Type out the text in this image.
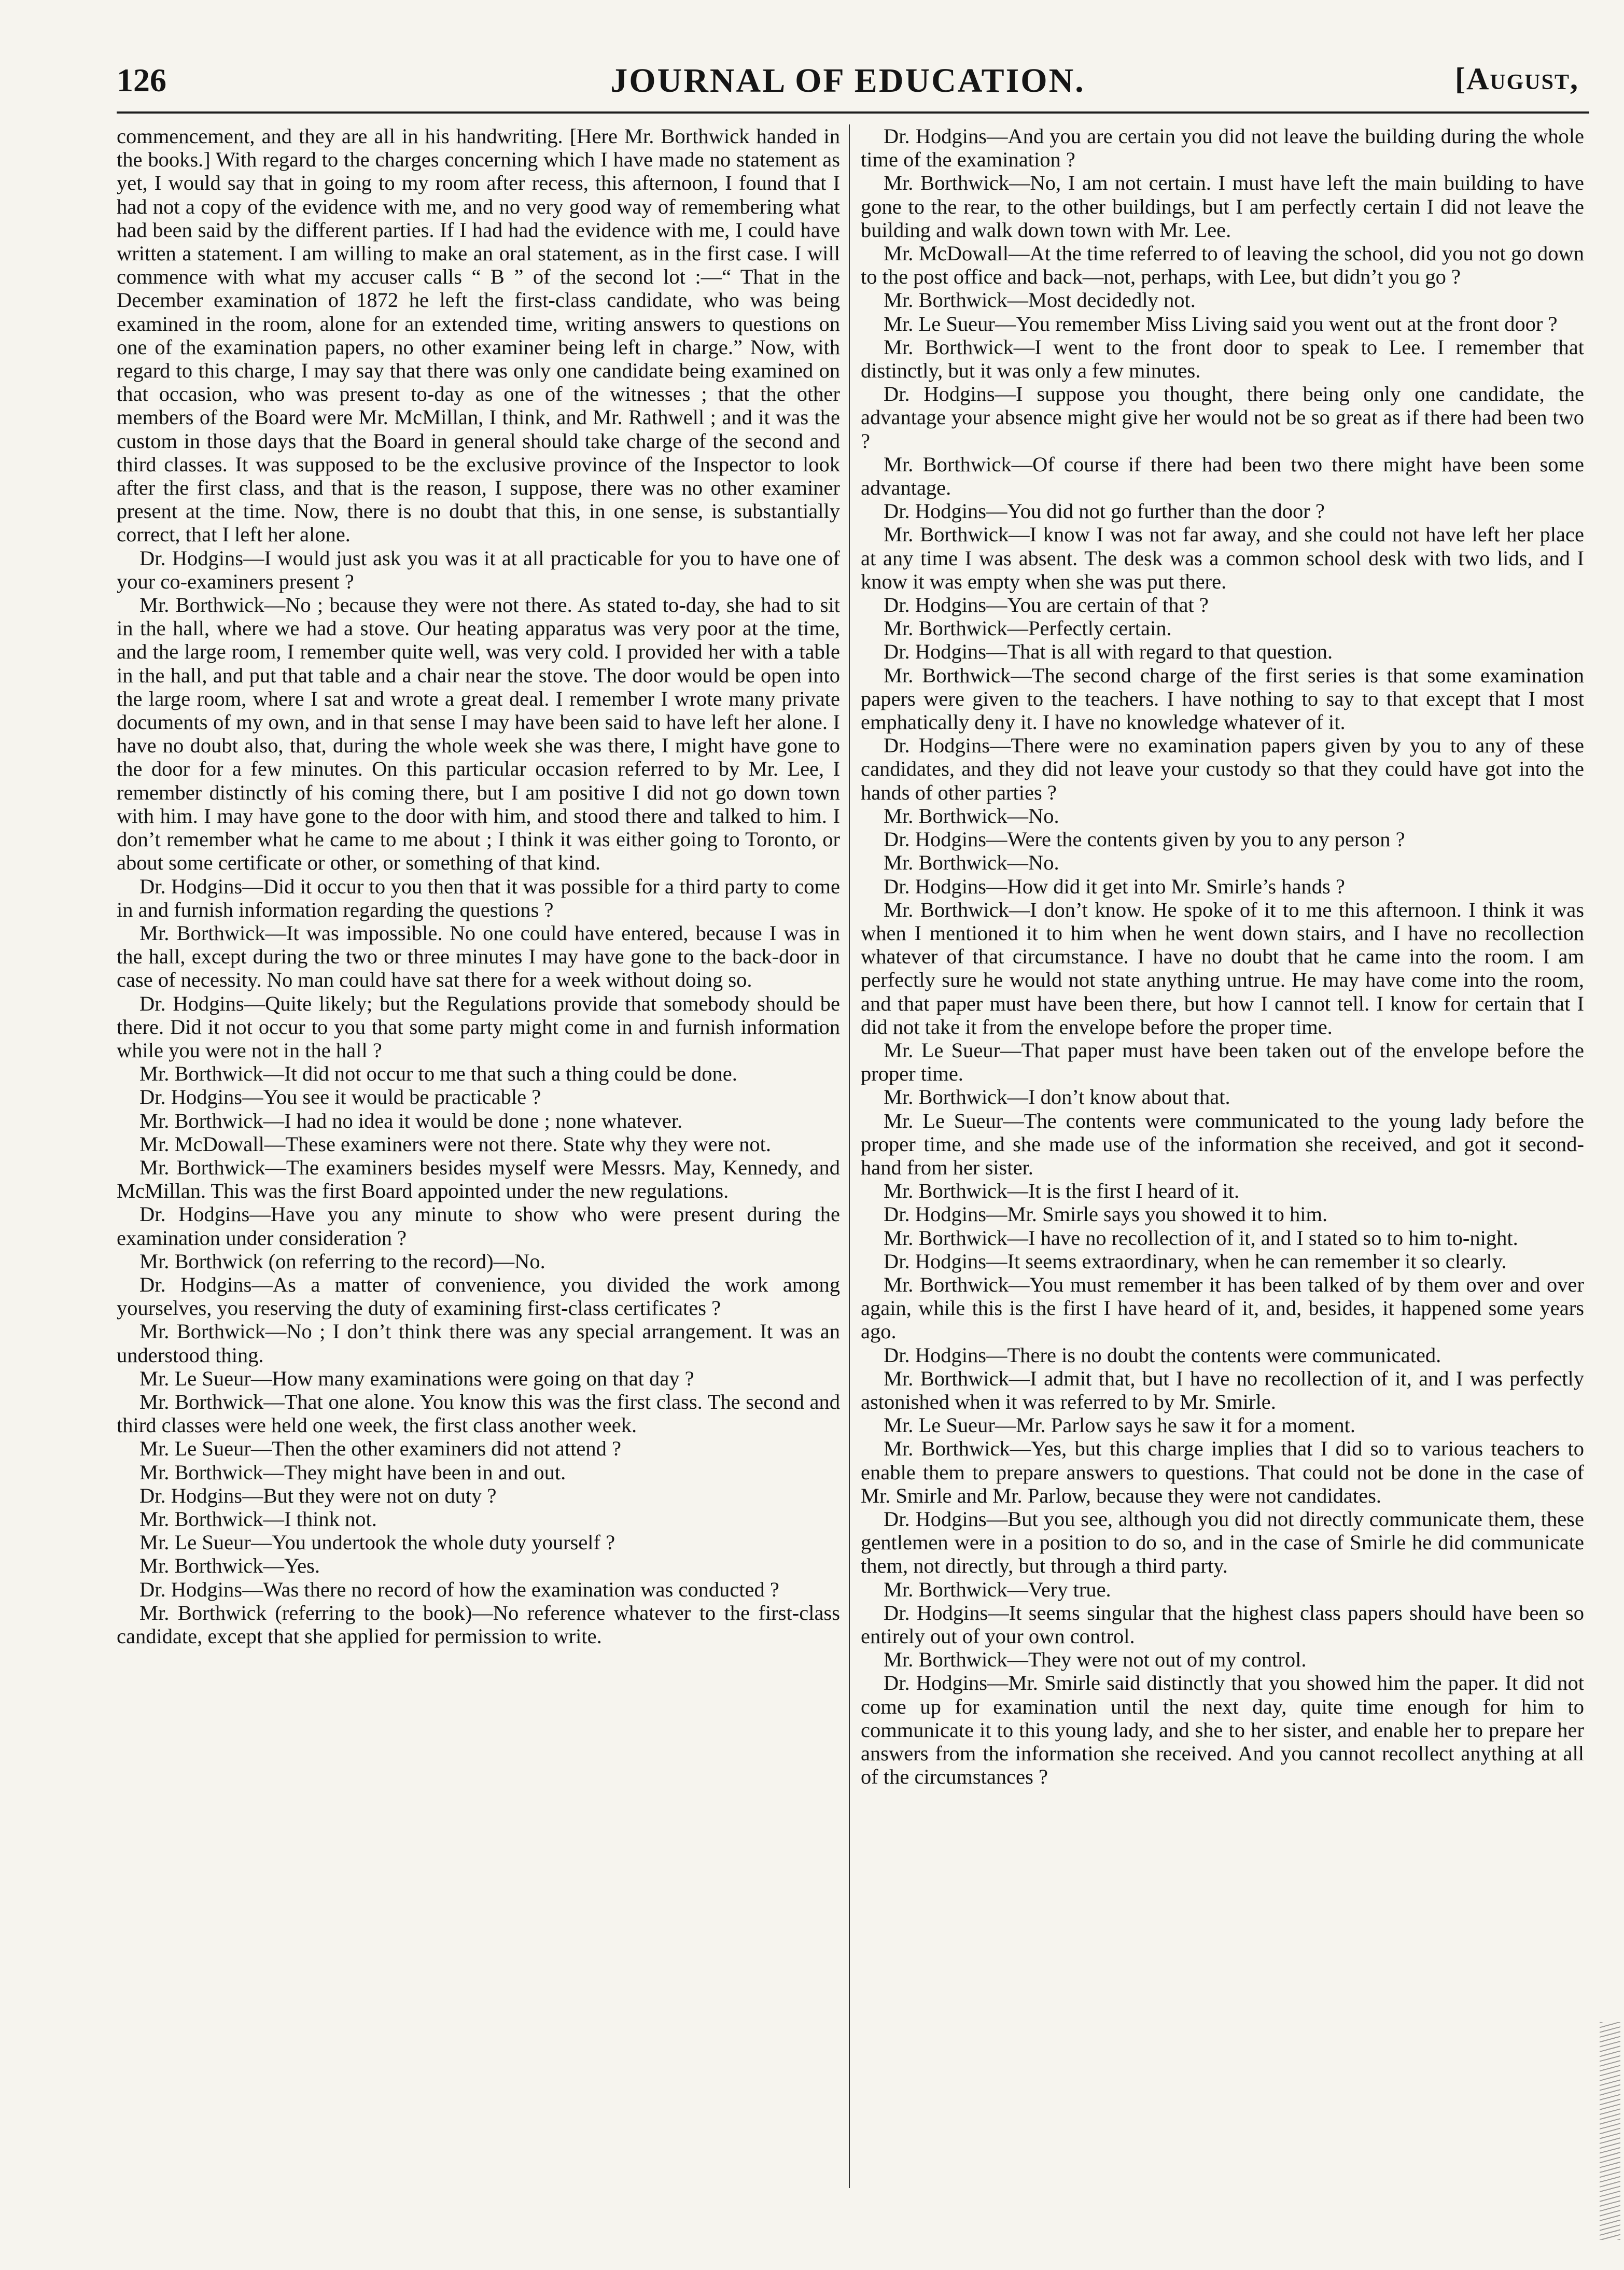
126	JOURNAL OF EDUCATION.	[August,

commencement, and they are all in his handwriting. [Here Mr. Borthwick handed in the books.] With regard to the charges concerning which I have made no statement as yet, I would say that in going to my room after recess, this afternoon, I found that I had not a copy of the evidence with me, and no very good way of remembering what had been said by the different parties. If I had had the evidence with me, I could have written a statement. I am willing to make an oral statement, as in the first case. I will commence with what my accuser calls “ B ” of the second lot :—“ That in the December examination of 1872 he left the first-class candidate, who was being examined in the room, alone for an extended time, writing answers to questions on one of the examination papers, no other examiner being left in charge.” Now, with regard to this charge, I may say that there was only one candidate being examined on that occasion, who was present to-day as one of the witnesses ; that the other members of the Board were Mr. McMillan, I think, and Mr. Rathwell ; and it was the custom in those days that the Board in general should take charge of the second and third classes. It was supposed to be the exclusive province of the Inspector to look after the first class, and that is the reason, I suppose, there was no other examiner present at the time. Now, there is no doubt that this, in one sense, is substantially correct, that I left her alone.

Dr. Hodgins—I would just ask you was it at all practicable for you to have one of your co-examiners present ?

Mr. Borthwick—No ; because they were not there. As stated to-day, she had to sit in the hall, where we had a stove. Our heating apparatus was very poor at the time, and the large room, I remember quite well, was very cold. I provided her with a table in the hall, and put that table and a chair near the stove. The door would be open into the large room, where I sat and wrote a great deal. I remember I wrote many private documents of my own, and in that sense I may have been said to have left her alone. I have no doubt also, that, during the whole week she was there, I might have gone to the door for a few minutes. On this particular occasion referred to by Mr. Lee, I remember distinctly of his coming there, but I am positive I did not go down town with him. I may have gone to the door with him, and stood there and talked to him. I don’t remember what he came to me about ; I think it was either going to Toronto, or about some certificate or other, or something of that kind.

Dr. Hodgins—Did it occur to you then that it was possible for a third party to come in and furnish information regarding the questions ?

Mr. Borthwick—It was impossible. No one could have entered, because I was in the hall, except during the two or three minutes I may have gone to the back-door in case of necessity. No man could have sat there for a week without doing so.

Dr. Hodgins—Quite likely; but the Regulations provide that somebody should be there. Did it not occur to you that some party might come in and furnish information while you were not in the hall ?

Mr. Borthwick—It did not occur to me that such a thing could be done.

Dr. Hodgins—You see it would be practicable ?

Mr. Borthwick—I had no idea it would be done ; none whatever.

Mr. McDowall—These examiners were not there. State why they were not.

Mr. Borthwick—The examiners besides myself were Messrs. May, Kennedy, and McMillan. This was the first Board appointed under the new regulations.

Dr. Hodgins—Have you any minute to show who were present during the examination under consideration ?

Mr. Borthwick (on referring to the record)—No.

Dr. Hodgins—As a matter of convenience, you divided the work among yourselves, you reserving the duty of examining first-class certificates ?

Mr. Borthwick—No ; I don’t think there was any special arrangement. It was an understood thing.

Mr. Le Sueur—How many examinations were going on that day ?

Mr. Borthwick—That one alone. You know this was the first class. The second and third classes were held one week, the first class another week.

Mr. Le Sueur—Then the other examiners did not attend ?

Mr. Borthwick—They might have been in and out.

Dr. Hodgins—But they were not on duty ?

Mr. Borthwick—I think not.

Mr. Le Sueur—You undertook the whole duty yourself ?

Mr. Borthwick—Yes.

Dr. Hodgins—Was there no record of how the examination was conducted ?

Mr. Borthwick (referring to the book)—No reference whatever to the first-class candidate, except that she applied for permission to write.

Dr. Hodgins—And you are certain you did not leave the building during the whole time of the examination ?

Mr. Borthwick—No, I am not certain. I must have left the main building to have gone to the rear, to the other buildings, but I am perfectly certain I did not leave the building and walk down town with Mr. Lee.

Mr. McDowall—At the time referred to of leaving the school, did you not go down to the post office and back—not, perhaps, with Lee, but didn’t you go ?

Mr. Borthwick—Most decidedly not.

Mr. Le Sueur—You remember Miss Living said you went out at the front door ?

Mr. Borthwick—I went to the front door to speak to Lee. I remember that distinctly, but it was only a few minutes.

Dr. Hodgins—I suppose you thought, there being only one candidate, the advantage your absence might give her would not be so great as if there had been two ?

Mr. Borthwick—Of course if there had been two there might have been some advantage.

Dr. Hodgins—You did not go further than the door ?

Mr. Borthwick—I know I was not far away, and she could not have left her place at any time I was absent. The desk was a common school desk with two lids, and I know it was empty when she was put there.

Dr. Hodgins—You are certain of that ?

Mr. Borthwick—Perfectly certain.

Dr. Hodgins—That is all with regard to that question.

Mr. Borthwick—The second charge of the first series is that some examination papers were given to the teachers. I have nothing to say to that except that I most emphatically deny it. I have no knowledge whatever of it.

Dr. Hodgins—There were no examination papers given by you to any of these candidates, and they did not leave your custody so that they could have got into the hands of other parties ?

Mr. Borthwick—No.

Dr. Hodgins—Were the contents given by you to any person ?

Mr. Borthwick—No.

Dr. Hodgins—How did it get into Mr. Smirle’s hands ?

Mr. Borthwick—I don’t know. He spoke of it to me this afternoon. I think it was when I mentioned it to him when he went down stairs, and I have no recollection whatever of that circumstance. I have no doubt that he came into the room. I am perfectly sure he would not state anything untrue. He may have come into the room, and that paper must have been there, but how I cannot tell. I know for certain that I did not take it from the envelope before the proper time.

Mr. Le Sueur—That paper must have been taken out of the envelope before the proper time.

Mr. Borthwick—I don’t know about that.

Mr. Le Sueur—The contents were communicated to the young lady before the proper time, and she made use of the information she received, and got it second-hand from her sister.

Mr. Borthwick—It is the first I heard of it.

Dr. Hodgins—Mr. Smirle says you showed it to him.

Mr. Borthwick—I have no recollection of it, and I stated so to him to-night.

Dr. Hodgins—It seems extraordinary, when he can remember it so clearly.

Mr. Borthwick—You must remember it has been talked of by them over and over again, while this is the first I have heard of it, and, besides, it happened some years ago.

Dr. Hodgins—There is no doubt the contents were communicated.

Mr. Borthwick—I admit that, but I have no recollection of it, and I was perfectly astonished when it was referred to by Mr. Smirle.

Mr. Le Sueur—Mr. Parlow says he saw it for a moment.

Mr. Borthwick—Yes, but this charge implies that I did so to various teachers to enable them to prepare answers to questions. That could not be done in the case of Mr. Smirle and Mr. Parlow, because they were not candidates.

Dr. Hodgins—But you see, although you did not directly communicate them, these gentlemen were in a position to do so, and in the case of Smirle he did communicate them, not directly, but through a third party.

Mr. Borthwick—Very true.

Dr. Hodgins—It seems singular that the highest class papers should have been so entirely out of your own control.

Mr. Borthwick—They were not out of my control.

Dr. Hodgins—Mr. Smirle said distinctly that you showed him the paper. It did not come up for examination until the next day, quite time enough for him to communicate it to this young lady, and she to her sister, and enable her to prepare her answers from the information she received. And you cannot recollect anything at all of the circumstances ?
